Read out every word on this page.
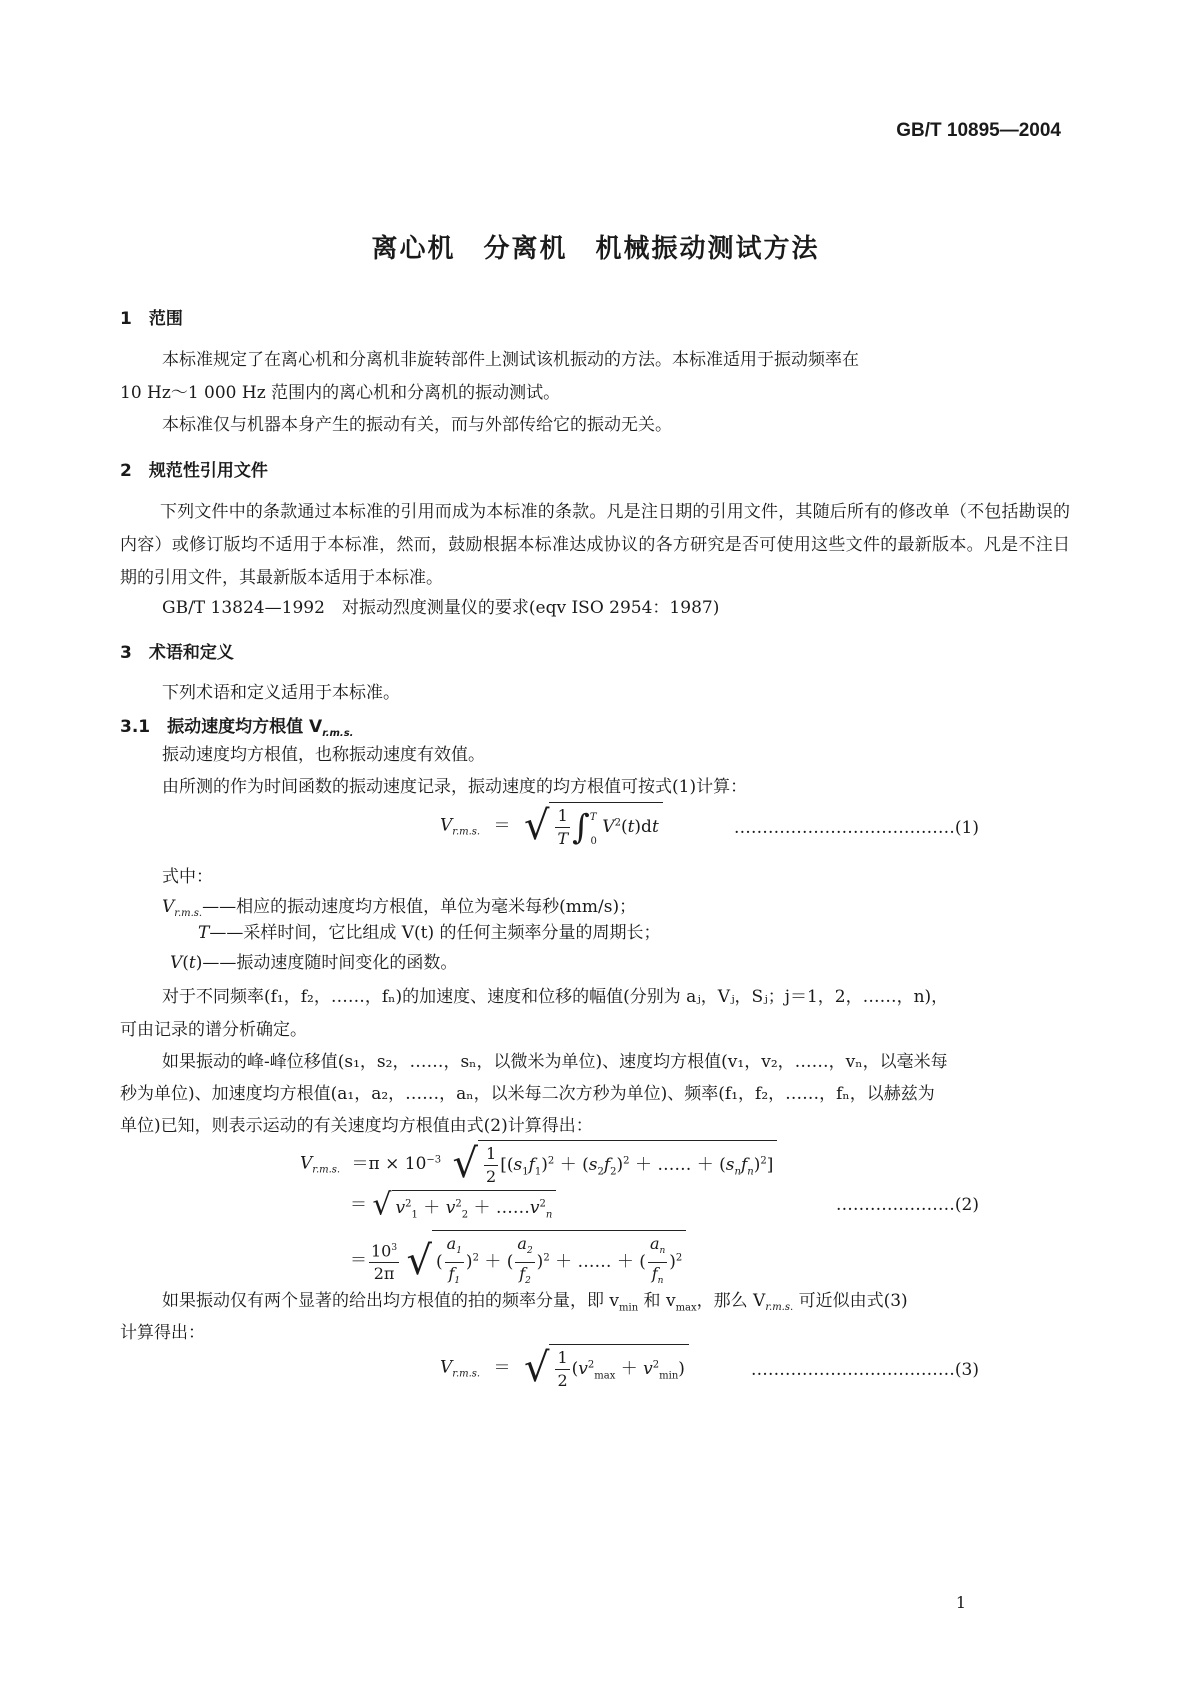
GB/T 10895—2004
离心机　分离机　机械振动测试方法
1　范围
本标准规定了在离心机和分离机非旋转部件上测试该机振动的方法。本标准适用于振动频率在
10 Hz～1 000 Hz 范围内的离心机和分离机的振动测试。
本标准仅与机器本身产生的振动有关，而与外部传给它的振动无关。
2　规范性引用文件
下列文件中的条款通过本标准的引用而成为本标准的条款。凡是注日期的引用文件，其随后所有的修改单（不包括勘误的内容）或修订版均不适用于本标准，然而，鼓励根据本标准达成协议的各方研究是否可使用这些文件的最新版本。凡是不注日期的引用文件，其最新版本适用于本标准。
GB/T 13824—1992　对振动烈度测量仪的要求(eqv ISO 2954：1987)
3　术语和定义
下列术语和定义适用于本标准。
3.1　振动速度均方根值 $V_{r.m.s.}$
振动速度均方根值，也称振动速度有效值。
由所测的作为时间函数的振动速度记录，振动速度的均方根值可按式(1)计算：
$V_{r.m.s.}$ ＝ √ $\frac{1}{T} \int^T_0$ $V^2(t)dt$	…………………………………(1)
式中：
$V_{r.m.s.}——$相应的振动速度均方根值，单位为毫米每秒(mm/s)；
T——采样时间，它比组成 V(t) 的任何主频率分量的周期长；
V(t)——振动速度随时间变化的函数。
对于不同频率(f₁，f₂，……，fₙ)的加速度、速度和位移的幅值(分别为 aⱼ，Vⱼ，Sⱼ；j＝1，2，……，n)，
可由记录的谱分析确定。
如果振动的峰-峰位移值(s₁，s₂，……，sₙ，以微米为单位)、速度均方根值(v₁，v₂，……，vₙ，以毫米每
秒为单位)、加速度均方根值(a₁，a₂，……，aₙ，以米每二次方秒为单位)、频率(f₁，f₂，……，fₙ，以赫兹为
单位)已知，则表示运动的有关速度均方根值由式(2)计算得出：
$V_{r.m.s.} =\pi \times 10^{-3}$ √ $\frac{1}{2} [(s_1f_1)^2 + (s_2f_2)^2$ ＋ …… ＋ $(s_nf_n)^2$]
＝ √ $v^2_1 + v^2_2$ ＋ $\dots\dots v^2_n$
…………………(2)
＝ $\frac{10^3}{2\pi}$ √ ( $\frac{a_1}{f_1} )^2$ ＋ ( $\frac{a_2}{f_2} )^2$ ＋ …… ＋ ( $\frac{a_n}{f_n} )^2$
如果振动仅有两个显著的给出均方根值的拍的频率分量，即 $v_{min}$ 和 $v_{max}$，那么 $V_{r.m.s.}$ 可近似由式(3)
计算得出：
$V_{r.m.s.}$ ＝ √ $\frac{1}{2} (v^2_{max} + v^2_{min})$	………………………………(3)
1
